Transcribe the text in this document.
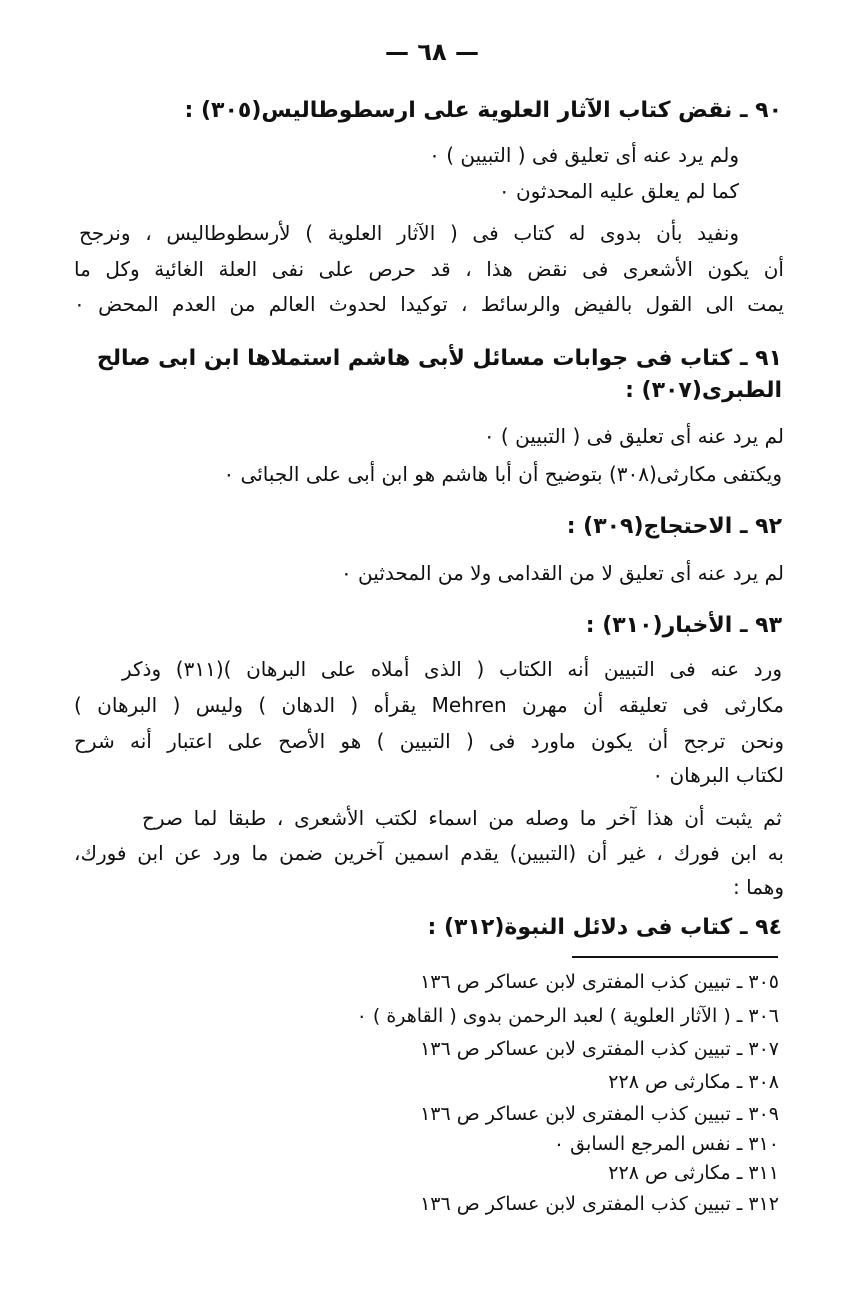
— ٦٨ —
٩٠ ـ نقض كتاب الآثار العلوية على ارسطوطاليس(٣٠٥) :
ولم يرد عنه أى تعليق فى ( التبيين ) ٠
كما لم يعلق عليه المحدثون ٠
ونفيد بأن بدوى له كتاب فى ( الآثار العلوية ) لأرسطوطاليس ، ونرجح
أن يكون الأشعرى فى نقض هذا ، قد حرص على نفى العلة الغائية وكل ما
يمت الى القول بالفيض والرسائط ، توكيدا لحدوث العالم من العدم المحض ٠
٩١ ـ كتاب فى جوابات مسائل لأبى هاشم استملاها ابن ابى صالح
الطبرى(٣٠٧) :
لم يرد عنه أى تعليق فى ( التبيين ) ٠
ويكتفى مكارثى(٣٠٨) بتوضيح أن أبا هاشم هو ابن أبى على الجبائى ٠
٩٢ ـ الاحتجاج(٣٠٩) :
لم يرد عنه أى تعليق لا من القدامى ولا من المحدثين ٠
٩٣ ـ الأخبار(٣١٠) :
ورد عنه فى التبيين أنه الكتاب ( الذى أملاه على البرهان )(٣١١) وذكر
مكارثى فى تعليقه أن مهرن Mehren يقرأه ( الدهان ) وليس ( البرهان )
ونحن ترجح أن يكون ماورد فى ( التبيين ) هو الأصح على اعتبار أنه شرح
لكتاب البرهان ٠
ثم يثبت أن هذا آخر ما وصله من اسماء لكتب الأشعرى ، طبقا لما صرح
به ابن فورك ، غير أن (التبيين) يقدم اسمين آخرين ضمن ما ورد عن ابن فورك،
وهما :
٩٤ ـ كتاب فى دلائل النبوة(٣١٢) :
٣٠٥ ـ تبيين كذب المفترى لابن عساكر ص ١٣٦
٣٠٦ ـ ( الآثار العلوية ) لعبد الرحمن بدوى ( القاهرة ) ٠
٣٠٧ ـ تبيين كذب المفترى لابن عساكر ص ١٣٦
٣٠٨ ـ مكارثى ص ٢٢٨
٣٠٩ ـ تبيين كذب المفترى لابن عساكر ص ١٣٦
٣١٠ ـ نفس المرجع السابق ٠
٣١١ ـ مكارثى ص ٢٢٨
٣١٢ ـ تبيين كذب المفترى لابن عساكر ص ١٣٦
